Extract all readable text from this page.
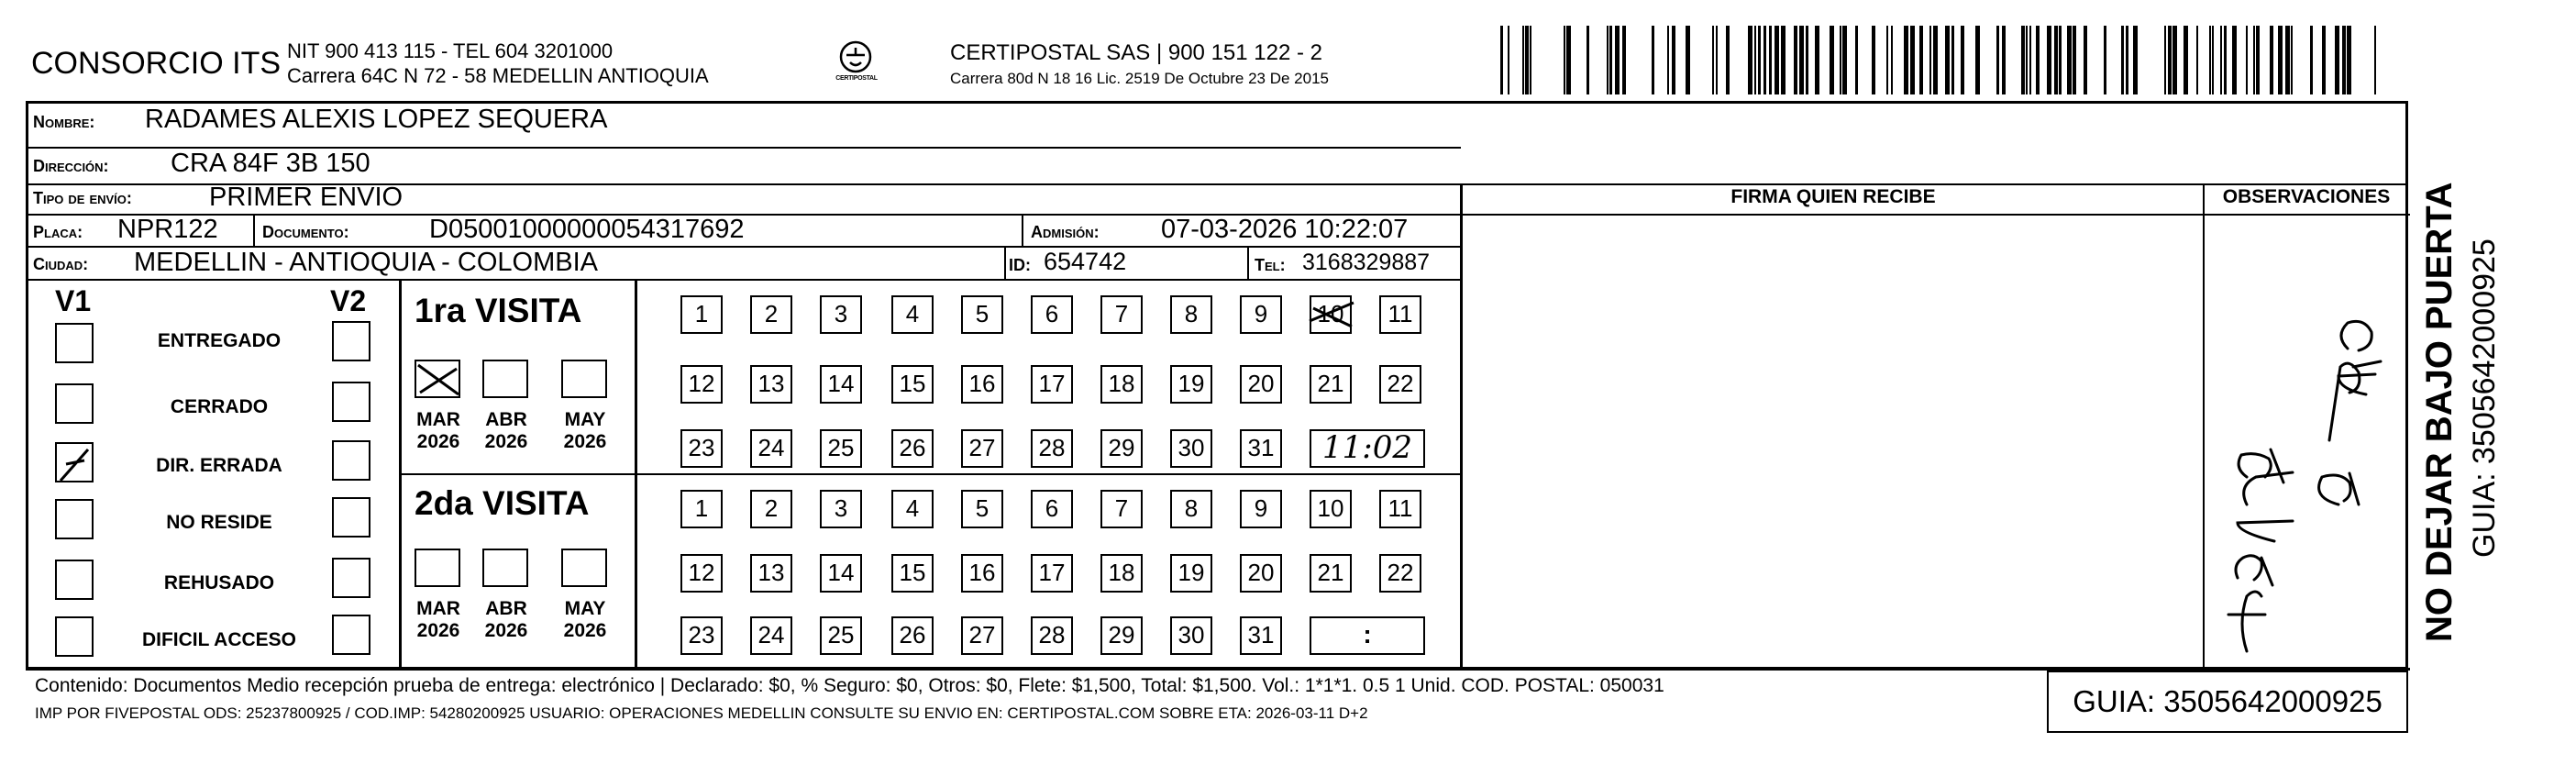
CONSORCIO ITS NIT 900 413 115 - TEL 604 3201000
Carrera 64C N 72 - 58 MEDELLIN ANTIOQUIA	CERTIPOSTAL
CERTIPOSTAL SAS | 900 151 122 - 2
Carrera 80d N 18 16 Lic. 2519 De Octubre 23 De 2015
Nombre: RADAMES ALEXIS LOPEZ SEQUERA
Dirección: CRA 84F 3B 150
Tipo de envío:	PRIMER ENVIO
Placa: NPR122	Documento:	D05001000000054317692	Admisión: 07-03-2026 10:22:07
Ciudad: MEDELLIN - ANTIOQUIA - COLOMBIA	ID: 654742	Tel: 3168329887
FIRMA QUIEN RECIBE	OBSERVACIONES
V1	V2
ENTREGADO
CERRADO
DIR. ERRADA
NO RESIDE
REHUSADO
DIFICIL ACCESO
1ra VISITA
2da VISITA
MAR
2026
ABR
2026
MAY
2026
MAR
2026
ABR
2026
MAY
2026
1	2	3	4	5	6	7	8	9	10	11
12	13	14	15	16	17	18	19	20	21	22
23	24	25	26	27	28	29	30	31	11:02
1	2	3	4	5	6	7	8	9	10	11
12	13	14	15	16	17	18	19	20	21	22
23	24	25	26	27	28	29	30	31	:	NO DEJAR BAJO PUERTA GUIA: 3505642000925
Contenido: Documentos Medio recepción prueba de entrega: electrónico | Declarado: $0, % Seguro: $0, Otros: $0, Flete: $1,500, Total: $1,500. Vol.: 1*1*1. 0.5 1 Unid. COD. POSTAL: 050031
IMP POR FIVEPOSTAL ODS: 25237800925 / COD.IMP: 54280200925 USUARIO: OPERACIONES MEDELLIN CONSULTE SU ENVIO EN: CERTIPOSTAL.COM SOBRE ETA: 2026-03-11 D+2	GUIA: 3505642000925
